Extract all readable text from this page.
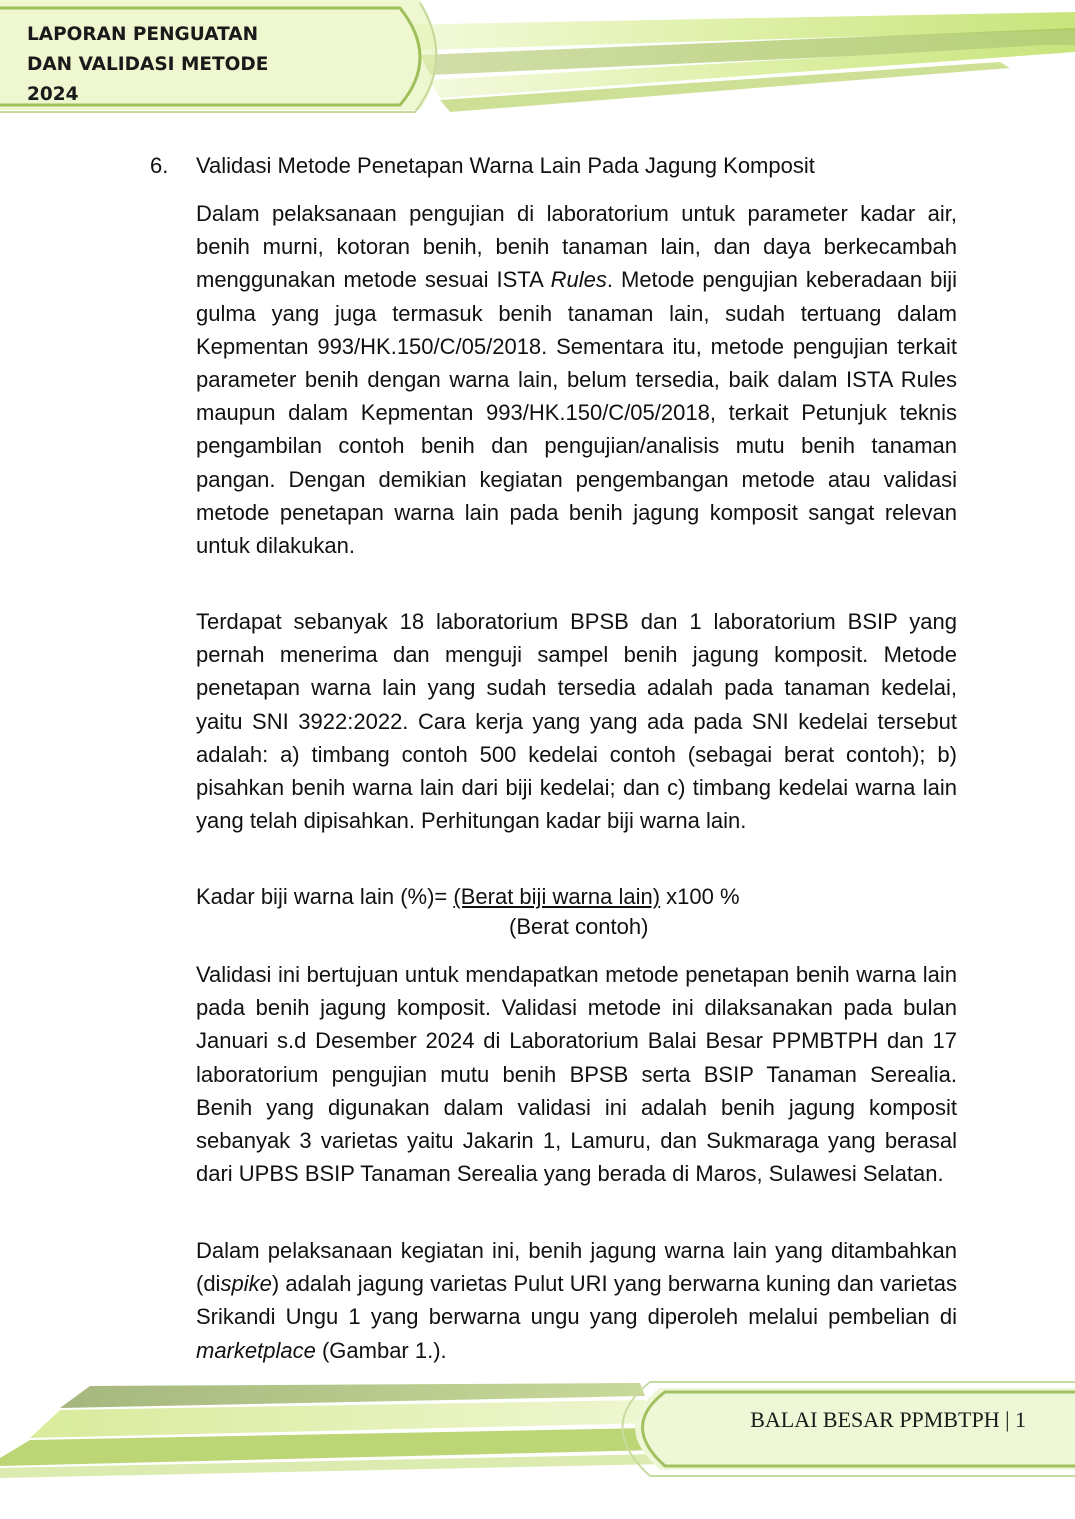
LAPORAN PENGUATAN
DAN VALIDASI METODE
2024
6. Validasi Metode Penetapan Warna Lain Pada Jagung Komposit

Dalam pelaksanaan pengujian di laboratorium untuk parameter kadar air, benih murni, kotoran benih, benih tanaman lain, dan daya berkecambah menggunakan metode sesuai ISTA Rules. Metode pengujian keberadaan biji gulma yang juga termasuk benih tanaman lain, sudah tertuang dalam Kepmentan 993/HK.150/C/05/2018. Sementara itu, metode pengujian terkait parameter benih dengan warna lain, belum tersedia, baik dalam ISTA Rules maupun dalam Kepmentan 993/HK.150/C/05/2018, terkait Petunjuk teknis pengambilan contoh benih dan pengujian/analisis mutu benih tanaman pangan. Dengan demikian kegiatan pengembangan metode atau validasi metode penetapan warna lain pada benih jagung komposit sangat relevan untuk dilakukan.

Terdapat sebanyak 18 laboratorium BPSB dan 1 laboratorium BSIP yang pernah menerima dan menguji sampel benih jagung komposit. Metode penetapan warna lain yang sudah tersedia adalah pada tanaman kedelai, yaitu SNI 3922:2022. Cara kerja yang yang ada pada SNI kedelai tersebut adalah: a) timbang contoh 500 kedelai contoh (sebagai berat contoh); b) pisahkan benih warna lain dari biji kedelai; dan c) timbang kedelai warna lain yang telah dipisahkan. Perhitungan kadar biji warna lain.

Kadar biji warna lain (%)= (Berat biji warna lain) x100 %
(Berat contoh)

Validasi ini bertujuan untuk mendapatkan metode penetapan benih warna lain pada benih jagung komposit. Validasi metode ini dilaksanakan pada bulan Januari s.d Desember 2024 di Laboratorium Balai Besar PPMBTPH dan 17 laboratorium pengujian mutu benih BPSB serta BSIP Tanaman Serealia. Benih yang digunakan dalam validasi ini adalah benih jagung komposit sebanyak 3 varietas yaitu Jakarin 1, Lamuru, dan Sukmaraga yang berasal dari UPBS BSIP Tanaman Serealia yang berada di Maros, Sulawesi Selatan.

Dalam pelaksanaan kegiatan ini, benih jagung warna lain yang ditambahkan (dispike) adalah jagung varietas Pulut URI yang berwarna kuning dan varietas Srikandi Ungu 1 yang berwarna ungu yang diperoleh melalui pembelian di marketplace (Gambar 1.).

BALAI BESAR PPMBTPH | 1
